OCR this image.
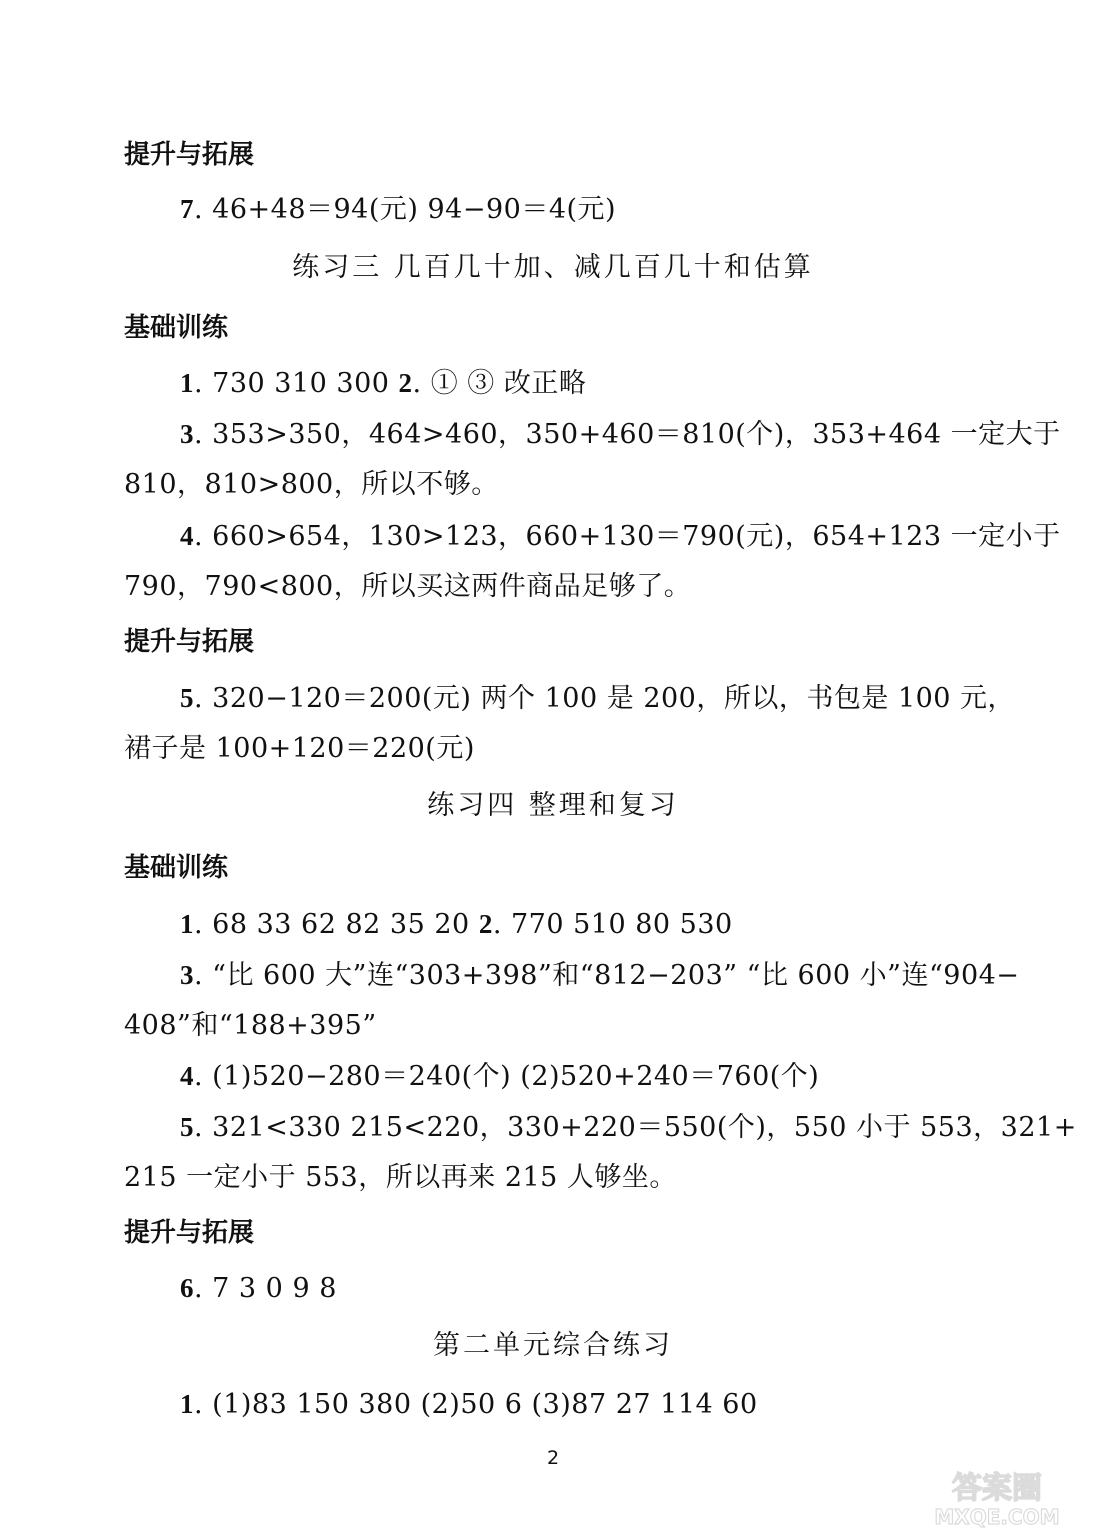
提升与拓展
7. 46+48＝94(元) 94−90＝4(元)
练习三 几百几十加、减几百几十和估算
基础训练
1. 730 310 300 2. ① ③ 改正略
3. 353>350，464>460，350+460＝810(个)，353+464 一定大于
810，810>800，所以不够。
4. 660>654，130>123，660+130＝790(元)，654+123 一定小于
790，790<800，所以买这两件商品足够了。
提升与拓展
5. 320−120＝200(元) 两个 100 是 200，所以，书包是 100 元，
裙子是 100+120＝220(元)
练习四 整理和复习
基础训练
1. 68 33 62 82 35 20 2. 770 510 80 530
3. “比 600 大”连“303+398”和“812−203” “比 600 小”连“904−
408”和“188+395”
4. (1)520−280＝240(个) (2)520+240＝760(个)
5. 321<330 215<220，330+220＝550(个)，550 小于 553，321+
215 一定小于 553，所以再来 215 人够坐。
提升与拓展
6. 7 3 0 9 8
第二单元综合练习
1. (1)83 150 380 (2)50 6 (3)87 27 114 60
2
答案圈
MXQE.COM
